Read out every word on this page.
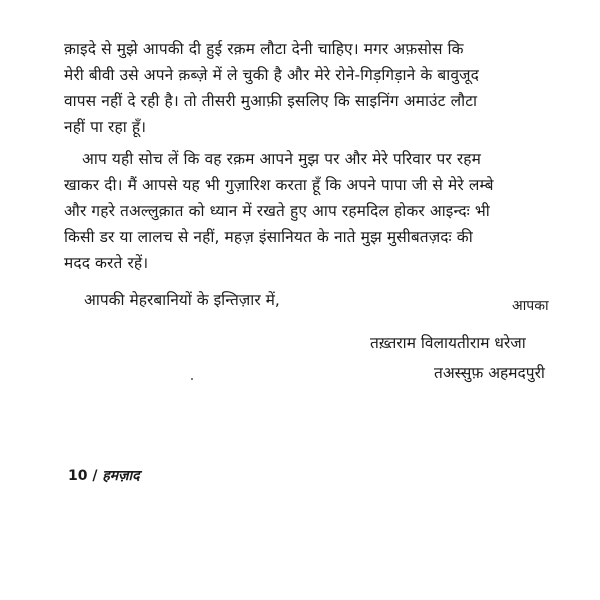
क़ाइदे से मुझे आपकी दी हुई रक़म लौटा देनी चाहिए। मगर अफ़सोस कि
मेरी बीवी उसे अपने क़ब्ज़े में ले चुकी है और मेरे रोने-गिड़गिड़ाने के बावुजूद
वापस नहीं दे रही है। तो तीसरी मुआफ़ी इसलिए कि साइनिंग अमाउंट लौटा
नहीं पा रहा हूँ।

आप यही सोच लें कि वह रक़म आपने मुझ पर और मेरे परिवार पर रहम
खाकर दी। मैं आपसे यह भी गुज़ारिश करता हूँ कि अपने पापा जी से मेरे लम्बे
और गहरे तअल्लुक़ात को ध्यान में रखते हुए आप रहमदिल होकर आइन्दः भी
किसी डर या लालच से नहीं, महज़ इंसानियत के नाते मुझ मुसीबतज़दः की
मदद करते रहें।

आपकी मेहरबानियों के इन्तिज़ार में,	आपका
तख़्तराम विलायतीराम धरेजा
तअस्सुफ़ अहमदपुरी
10 / हमज़ाद
